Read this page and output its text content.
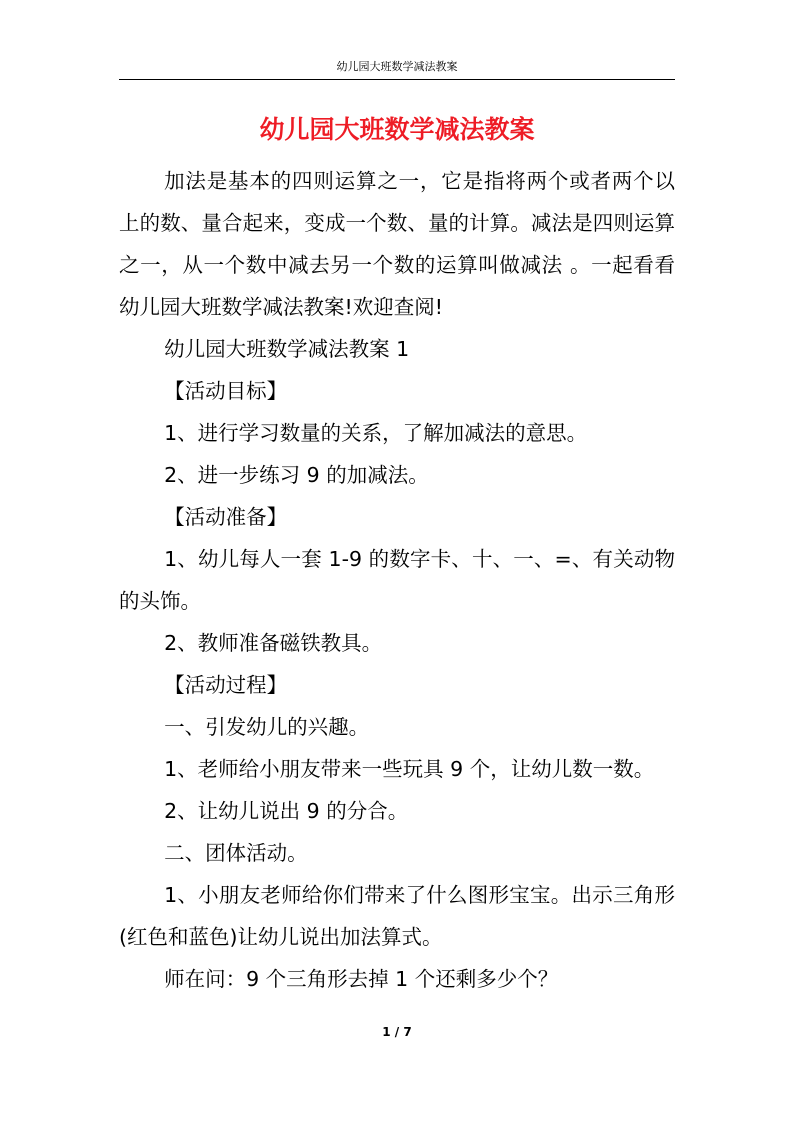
幼儿园大班数学减法教案
幼儿园大班数学减法教案

加法是基本的四则运算之一，它是指将两个或者两个以上的数、量合起来，变成一个数、量的计算。减法是四则运算之一，从一个数中减去另一个数的运算叫做减法 。一起看看幼儿园大班数学减法教案!欢迎查阅!

幼儿园大班数学减法教案 1

【活动目标】

1、进行学习数量的关系，了解加减法的意思。

2、进一步练习 9 的加减法。

【活动准备】

1、幼儿每人一套 1-9 的数字卡、十、一、=、有关动物的头饰。

2、教师准备磁铁教具。

【活动过程】

一、引发幼儿的兴趣。

1、老师给小朋友带来一些玩具 9 个，让幼儿数一数。

2、让幼儿说出 9 的分合。

二、团体活动。

1、小朋友老师给你们带来了什么图形宝宝。出示三角形(红色和蓝色)让幼儿说出加法算式。

师在问：9 个三角形去掉 1 个还剩多少个？

1 / 7
